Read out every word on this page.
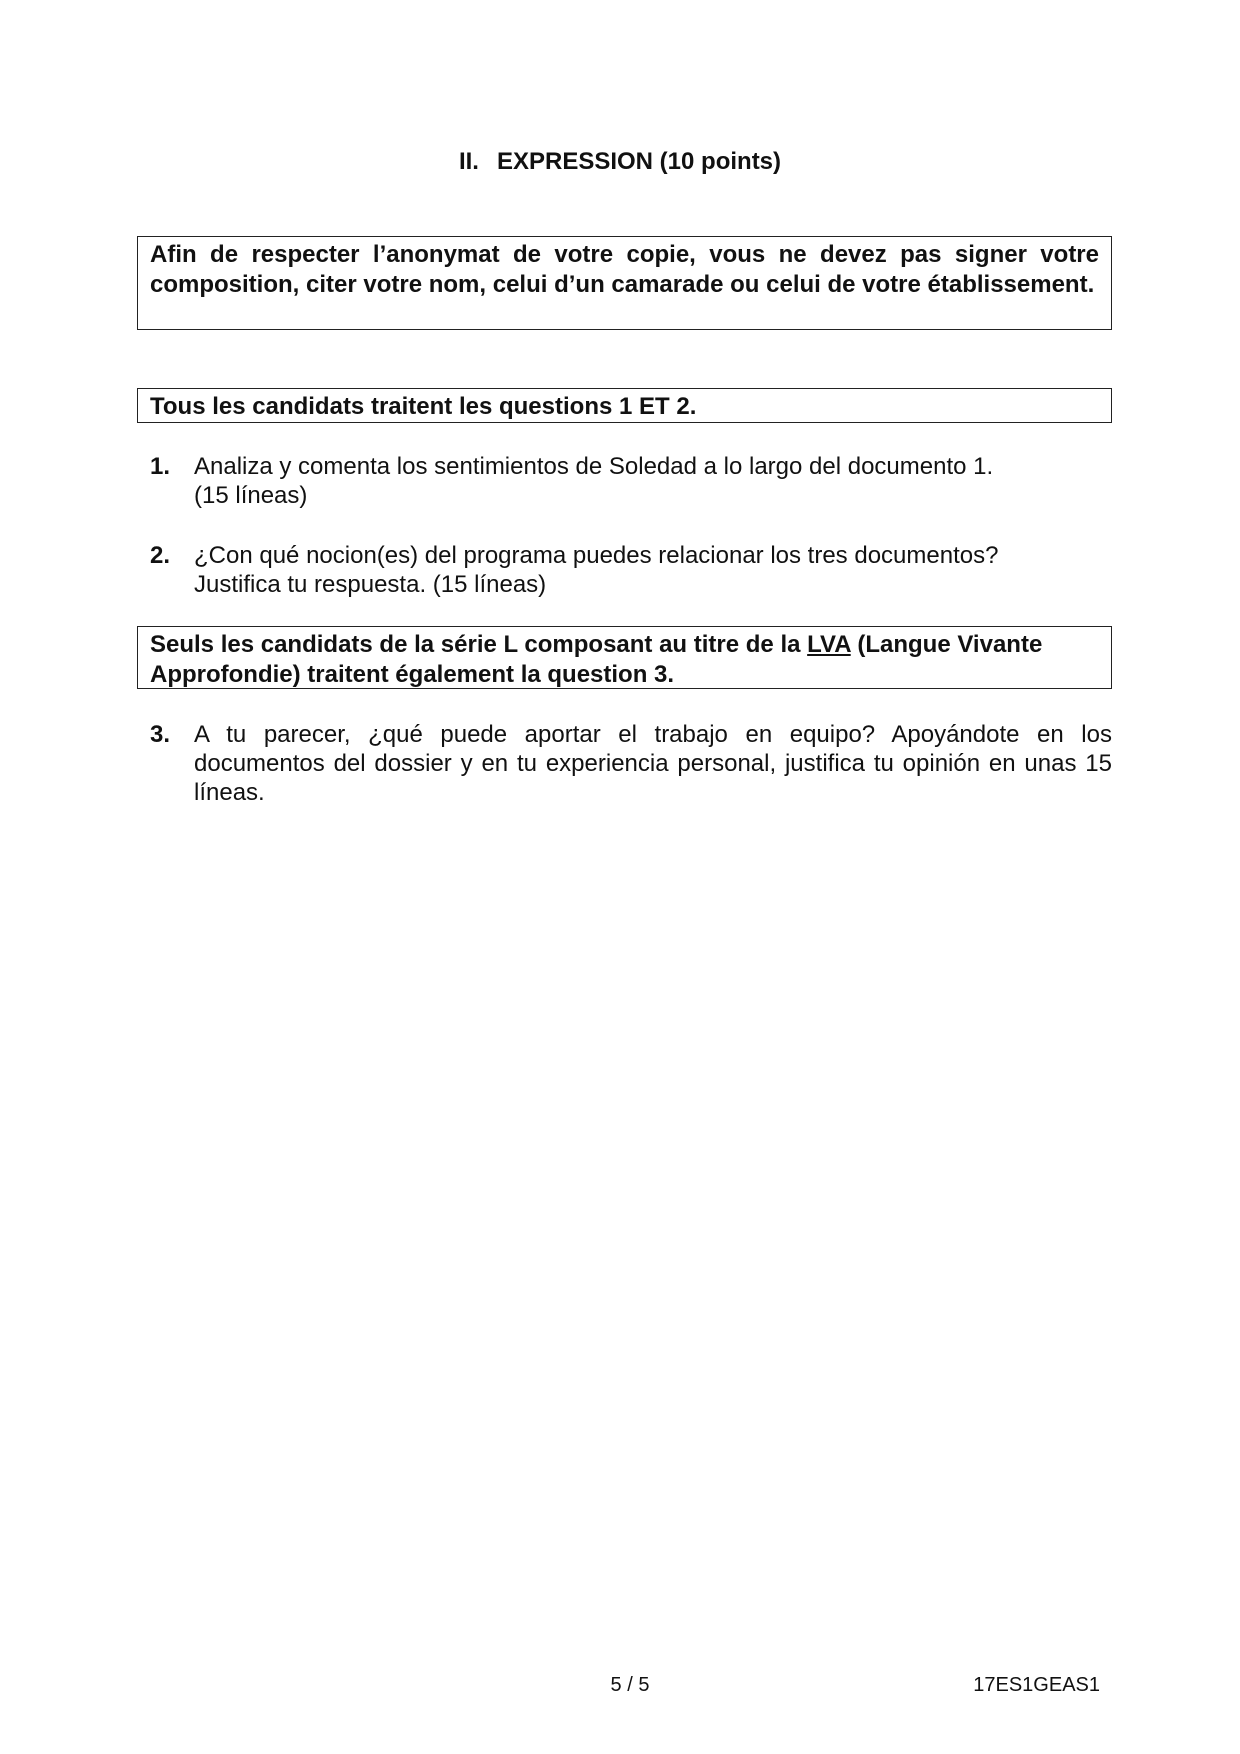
II. EXPRESSION (10 points)
Afin de respecter l’anonymat de votre copie, vous ne devez pas signer votre composition, citer votre nom, celui d’un camarade ou celui de votre établissement.
Tous les candidats traitent les questions 1 ET 2.
1. Analiza y comenta los sentimientos de Soledad a lo largo del documento 1.
(15 líneas)
2. ¿Con qué nocion(es) del programa puedes relacionar los tres documentos?
Justifica tu respuesta. (15 líneas)
Seuls les candidats de la série L composant au titre de la LVA (Langue Vivante Approfondie) traitent également la question 3.
3. A tu parecer, ¿qué puede aportar el trabajo en equipo? Apoyándote en los documentos del dossier y en tu experiencia personal, justifica tu opinión en unas 15 líneas.
5 / 5	17ES1GEAS1
